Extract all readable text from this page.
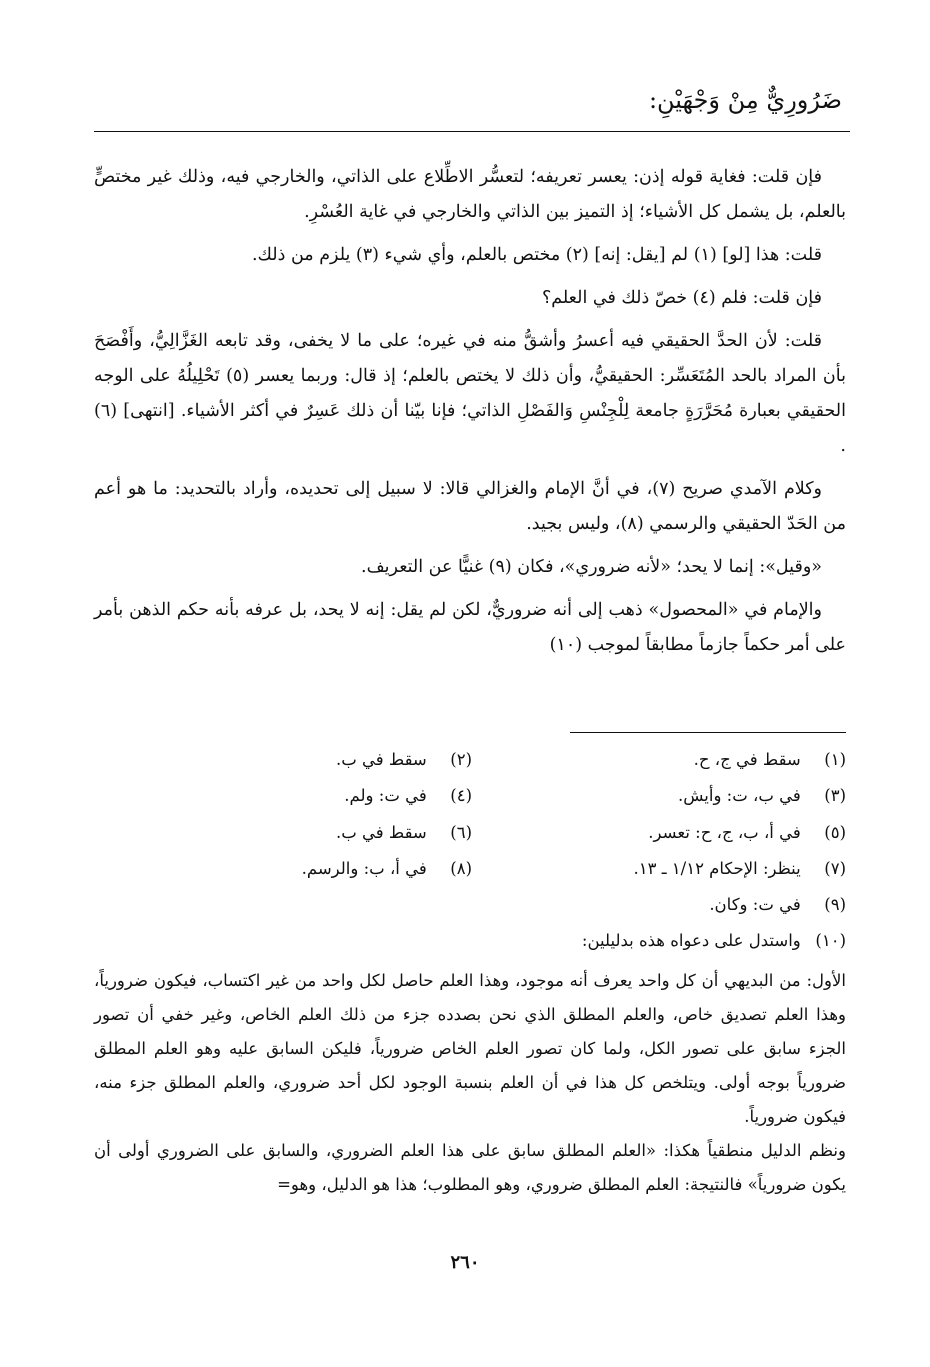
ضَرُورِيٌّ مِنْ وَجْهَيْنِ:

فإن قلت: فغاية قوله إذن: يعسر تعريفه؛ لتعسُّر الاطِّلاع على الذاتي، والخارجي فيه، وذلك غير مختصٍّ بالعلم، بل يشمل كل الأشياء؛ إذ التميز بين الذاتي والخارجي في غاية العُسْرِ.

قلت: هذا [لو] (١) لم [يقل: إنه] (٢) مختص بالعلم، وأي شيء (٣) يلزم من ذلك.

فإن قلت: فلم (٤) خصّ ذلك في العلم؟

قلت: لأن الحدَّ الحقيقي فيه أعسرُ وأشقُّ منه في غيره؛ على ما لا يخفى، وقد تابعه الغَزَّالِيُّ، وأَفْصَحَ بأن المراد بالحد المُتَعَسِّر: الحقيقيُّ، وأن ذلك لا يختص بالعلم؛ إذ قال: وربما يعسر (٥) تَحْلِيلُهُ على الوجه الحقيقي بعبارة مُحَرَّرَةٍ جامعة لِلْجِنْسِ وَالفَصْلِ الذاتي؛ فإنا بيّنا أن ذلك عَسِرٌ في أكثر الأشياء. [انتهى] (٦) .

وكلام الآمدي صريح (٧)، في أنَّ الإمام والغزالي قالا: لا سبيل إلى تحديده، وأراد بالتحديد: ما هو أعم من الحَدّ الحقيقي والرسمي (٨)، وليس بجيد.

«وقيل»: إنما لا يحد؛ «لأنه ضروري»، فكان (٩) غنيًّا عن التعريف.

والإمام في «المحصول» ذهب إلى أنه ضروريٌّ، لكن لم يقل: إنه لا يحد، بل عرفه بأنه حكم الذهن بأمر على أمر حكماً جازماً مطابقاً لموجب (١٠)

(١) سقط في ج، ح.
(٣) في ب، ت: وأيش.
(٥) في أ، ب، ج، ح: تعسر.
(٧) ينظر: الإحكام ١/١٢ ـ ١٣.
(٩) في ت: وكان.
(١٠) واستدل على دعواه هذه بدليلين:
(٢) سقط في ب.
(٤) في ت: ولم.
(٦) سقط في ب.
(٨) في أ، ب: والرسم.

الأول: من البديهي أن كل واحد يعرف أنه موجود، وهذا العلم حاصل لكل واحد من غير اكتساب، فيكون ضرورياً، وهذا العلم تصديق خاص، والعلم المطلق الذي نحن بصدده جزء من ذلك العلم الخاص، وغير خفي أن تصور الجزء سابق على تصور الكل، ولما كان تصور العلم الخاص ضرورياً، فليكن السابق عليه وهو العلم المطلق ضرورياً بوجه أولى. ويتلخص كل هذا في أن العلم بنسبة الوجود لكل أحد ضروري، والعلم المطلق جزء منه، فيكون ضرورياً.

ونظم الدليل منطقياً هكذا: «العلم المطلق سابق على هذا العلم الضروري، والسابق على الضروري أولى أن يكون ضرورياً» فالنتيجة: العلم المطلق ضروري، وهو المطلوب؛ هذا هو الدليل، وهو=

٢٦٠
